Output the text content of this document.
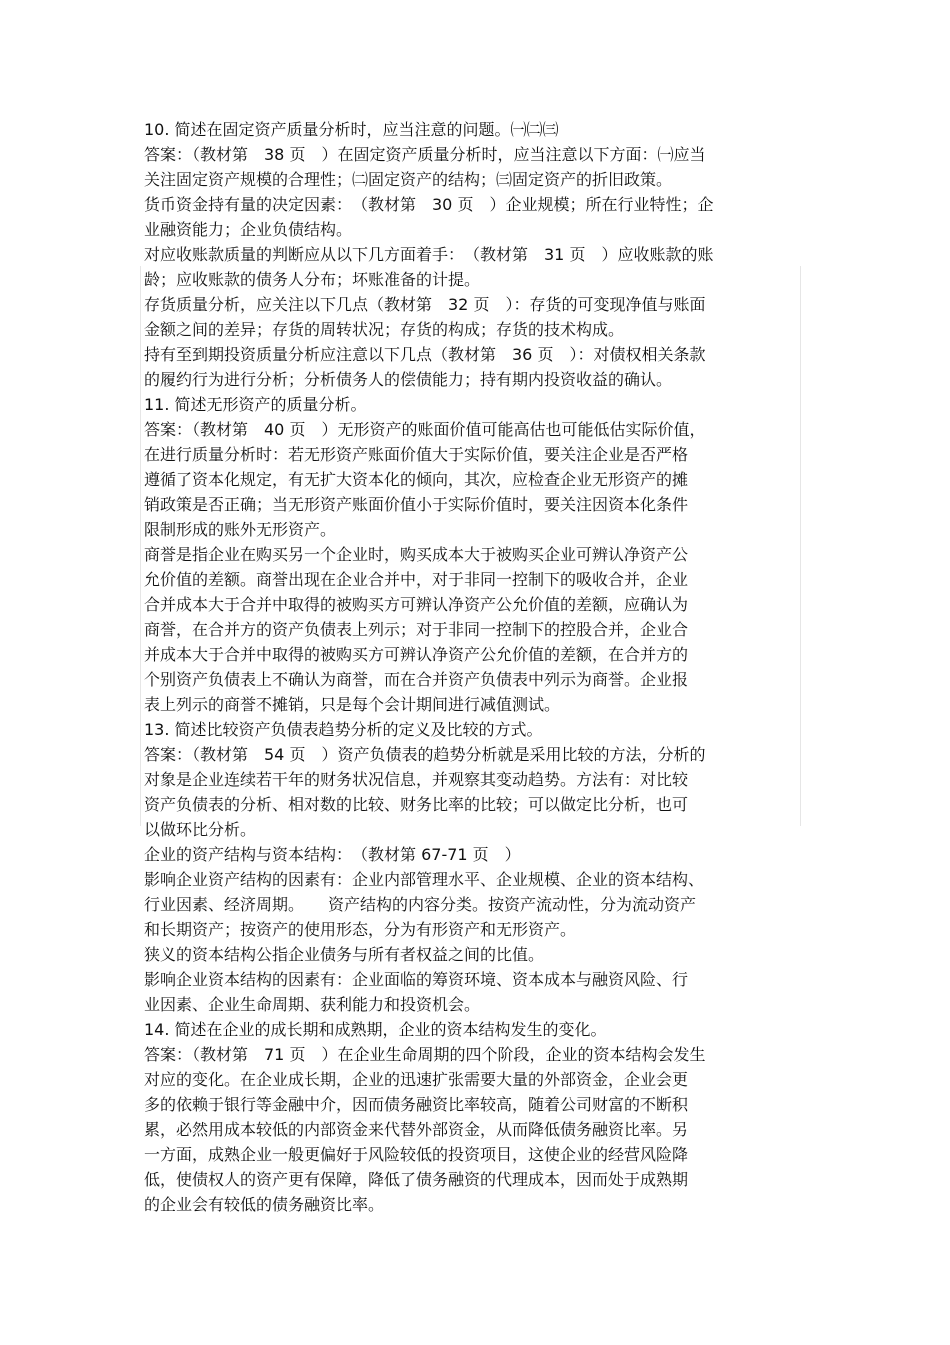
10. 简述在固定资产质量分析时，应当注意的问题。㈠㈡㈢
答案：（教材第　38 页　）在固定资产质量分析时，应当注意以下方面：㈠应当
关注固定资产规模的合理性；㈡固定资产的结构；㈢固定资产的折旧政策。
货币资金持有量的决定因素：　（教材第　30 页　）企业规模；所在行业特性；企
业融资能力；企业负债结构。
对应收账款质量的判断应从以下几方面着手：　（教材第　31 页　）应收账款的账
龄；应收账款的债务人分布；坏账准备的计提。
存货质量分析，应关注以下几点（教材第　32 页　）：存货的可变现净值与账面
金额之间的差异；存货的周转状况；存货的构成；存货的技术构成。
持有至到期投资质量分析应注意以下几点（教材第　36 页　）：对债权相关条款
的履约行为进行分析；分析债务人的偿债能力；持有期内投资收益的确认。
11. 简述无形资产的质量分析。
答案：（教材第　40 页　）无形资产的账面价值可能高估也可能低估实际价值，
在进行质量分析时：若无形资产账面价值大于实际价值，要关注企业是否严格
遵循了资本化规定，有无扩大资本化的倾向，其次，应检查企业无形资产的摊
销政策是否正确；当无形资产账面价值小于实际价值时，要关注因资本化条件
限制形成的账外无形资产。
商誉是指企业在购买另一个企业时，购买成本大于被购买企业可辨认净资产公
允价值的差额。商誉出现在企业合并中，对于非同一控制下的吸收合并，企业
合并成本大于合并中取得的被购买方可辨认净资产公允价值的差额，应确认为
商誉，在合并方的资产负债表上列示；对于非同一控制下的控股合并，企业合
并成本大于合并中取得的被购买方可辨认净资产公允价值的差额，在合并方的
个别资产负债表上不确认为商誉，而在合并资产负债表中列示为商誉。企业报
表上列示的商誉不摊销，只是每个会计期间进行减值测试。
13. 简述比较资产负债表趋势分析的定义及比较的方式。
答案：（教材第　54 页　）资产负债表的趋势分析就是采用比较的方法，分析的
对象是企业连续若干年的财务状况信息，并观察其变动趋势。方法有：对比较
资产负债表的分析、相对数的比较、财务比率的比较；可以做定比分析，也可
以做环比分析。
企业的资产结构与资本结构：　（教材第 67-71 页　）
影响企业资产结构的因素有：企业内部管理水平、企业规模、企业的资本结构、
行业因素、经济周期。　　资产结构的内容分类。按资产流动性，分为流动资产
和长期资产；按资产的使用形态，分为有形资产和无形资产。
狭义的资本结构公指企业债务与所有者权益之间的比值。
影响企业资本结构的因素有：企业面临的筹资环境、资本成本与融资风险、行
业因素、企业生命周期、获利能力和投资机会。
14. 简述在企业的成长期和成熟期，企业的资本结构发生的变化。
答案：（教材第　71 页　）在企业生命周期的四个阶段，企业的资本结构会发生
对应的变化。在企业成长期，企业的迅速扩张需要大量的外部资金，企业会更
多的依赖于银行等金融中介，因而债务融资比率较高，随着公司财富的不断积
累，必然用成本较低的内部资金来代替外部资金，从而降低债务融资比率。另
一方面，成熟企业一般更偏好于风险较低的投资项目，这使企业的经营风险降
低，使债权人的资产更有保障，降低了债务融资的代理成本，因而处于成熟期
的企业会有较低的债务融资比率。
